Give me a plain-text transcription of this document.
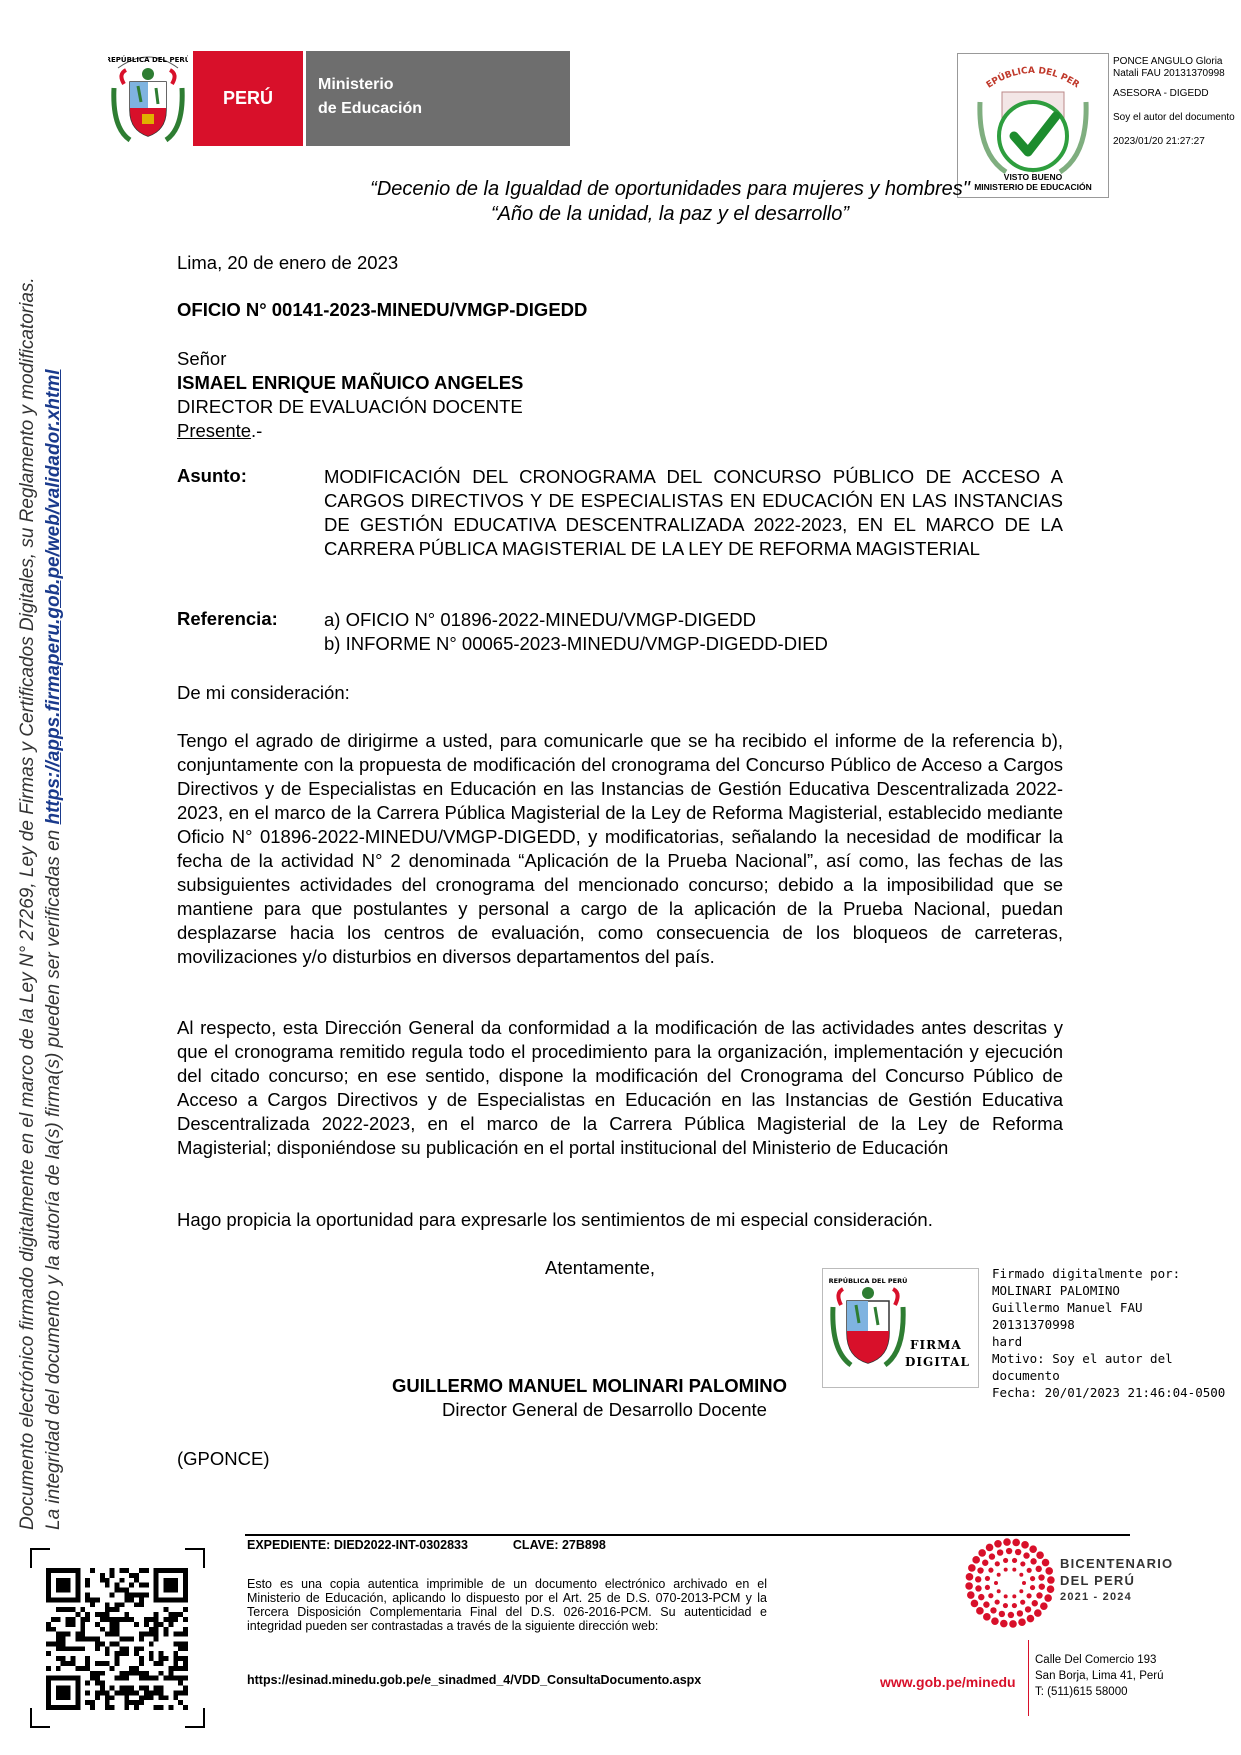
REPÚBLICA DEL PERÚ
PERÚ
Ministerio
de Educación
EPÚBLICA DEL PER
VISTO BUENO
MINISTERIO DE EDUCACIÓN
PONCE ANGULO Gloria
Natali FAU 20131370998
ASESORA - DIGEDD
Soy el autor del documento
2023/01/20 21:27:27
“Decenio de la Igualdad de oportunidades para mujeres y hombres"
“Año de la unidad, la paz y el desarrollo”
Documento electrónico firmado digitalmente en el marco de la Ley N° 27269, Ley de Firmas y Certificados Digitales, su Reglamento y modificatorias. La integridad del documento y la autoría de la(s) firma(s) pueden ser verificadas en https://apps.firmaperu.gob.pe/web/validador.xhtml
Lima, 20 de enero de 2023
OFICIO N° 00141-2023-MINEDU/VMGP-DIGEDD
Señor
ISMAEL ENRIQUE MAÑUICO ANGELES
DIRECTOR DE EVALUACIÓN DOCENTE
Presente.-
Asunto:	MODIFICACIÓN DEL CRONOGRAMA DEL CONCURSO PÚBLICO DE ACCESO A CARGOS DIRECTIVOS Y DE ESPECIALISTAS EN EDUCACIÓN EN LAS INSTANCIAS DE GESTIÓN EDUCATIVA DESCENTRALIZADA 2022-2023, EN EL MARCO DE LA CARRERA PÚBLICA MAGISTERIAL DE LA LEY DE REFORMA MAGISTERIAL
Referencia: a) OFICIO N° 01896-2022-MINEDU/VMGP-DIGEDD
b) INFORME N° 00065-2023-MINEDU/VMGP-DIGEDD-DIED
De mi consideración:
Tengo el agrado de dirigirme a usted, para comunicarle que se ha recibido el informe de la referencia b), conjuntamente con la propuesta de modificación del cronograma del Concurso Público de Acceso a Cargos Directivos y de Especialistas en Educación en las Instancias de Gestión Educativa Descentralizada 2022-2023, en el marco de la Carrera Pública Magisterial de la Ley de Reforma Magisterial, establecido mediante Oficio N° 01896-2022-MINEDU/VMGP-DIGEDD, y modificatorias, señalando la necesidad de modificar la fecha de la actividad N° 2 denominada “Aplicación de la Prueba Nacional”, así como, las fechas de las subsiguientes actividades del cronograma del mencionado concurso; debido a la imposibilidad que se mantiene para que postulantes y personal a cargo de la aplicación de la Prueba Nacional, puedan desplazarse hacia los centros de evaluación, como consecuencia de los bloqueos de carreteras, movilizaciones y/o disturbios en diversos departamentos del país.
Al respecto, esta Dirección General da conformidad a la modificación de las actividades antes descritas y que el cronograma remitido regula todo el procedimiento para la organización, implementación y ejecución del citado concurso; en ese sentido, dispone la modificación del Cronograma del Concurso Público de Acceso a Cargos Directivos y de Especialistas en Educación en las Instancias de Gestión Educativa Descentralizada 2022-2023, en el marco de la Carrera Pública Magisterial de la Ley de Reforma Magisterial; disponiéndose su publicación en el portal institucional del Ministerio de Educación
Hago propicia la oportunidad para expresarle los sentimientos de mi especial consideración.
Atentamente,
REPÚBLICA DEL PERÚ
FIRMA
DIGITAL
Firmado digitalmente por:
MOLINARI PALOMINO
Guillermo Manuel FAU 20131370998
hard
Motivo: Soy el autor del
documento
Fecha: 20/01/2023 21:46:04-0500
GUILLERMO MANUEL MOLINARI PALOMINO
Director General de Desarrollo Docente
(GPONCE)
EXPEDIENTE: DIED2022-INT-0302833	CLAVE: 27B898
Esto es una copia autentica imprimible de un documento electrónico archivado en el Ministerio de Educación, aplicando lo dispuesto por el Art. 25 de D.S. 070-2013-PCM y la Tercera Disposición Complementaria Final del D.S. 026-2016-PCM. Su autenticidad e integridad pueden ser contrastadas a través de la siguiente dirección web:
https://esinad.minedu.gob.pe/e_sinadmed_4/VDD_ConsultaDocumento.aspx
BICENTENARIO
DEL PERÚ
2021 - 2024
www.gob.pe/minedu
Calle Del Comercio 193
San Borja, Lima 41, Perú
T: (511)615 58000
